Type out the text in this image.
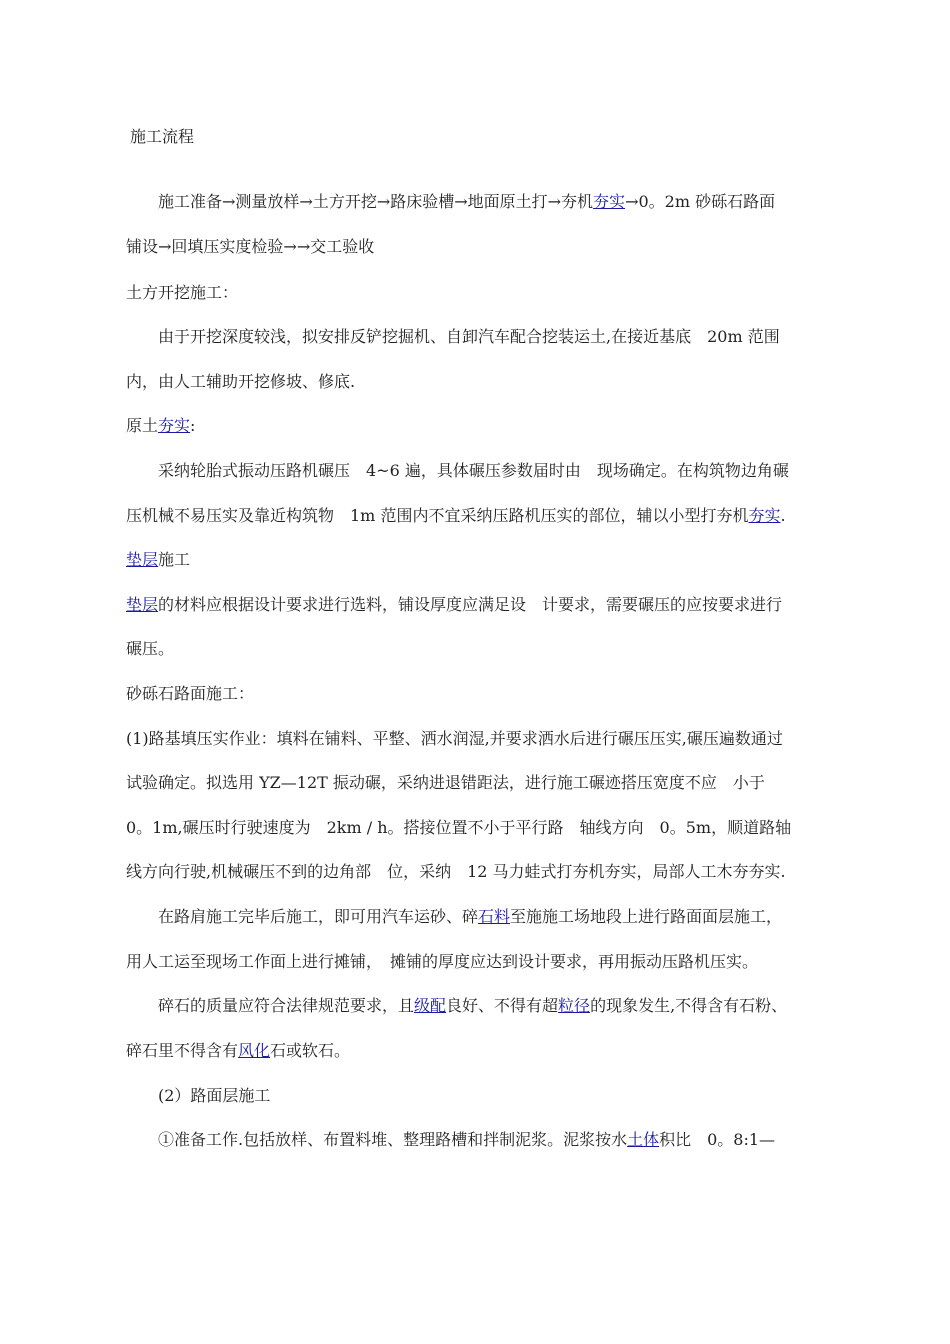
施工流程
施工准备→测量放样→土方开挖→路床验槽→地面原土打→夯机夯实→0。2m 砂砾石路面
铺设→回填压实度检验→→交工验收
土方开挖施工：
由于开挖深度较浅，拟安排反铲挖掘机、自卸汽车配合挖装运土,在接近基底　20m 范围
内，由人工辅助开挖修坡、修底.
原土夯实:
采纳轮胎式振动压路机碾压　4~6 遍，具体碾压参数届时由　现场确定。在构筑物边角碾
压机械不易压实及靠近构筑物　1m 范围内不宜采纳压路机压实的部位，辅以小型打夯机夯实.
垫层施工
垫层的材料应根据设计要求进行选料，铺设厚度应满足设　计要求，需要碾压的应按要求进行
碾压。
砂砾石路面施工：
(1)路基填压实作业：填料在铺料、平整、洒水润湿,并要求洒水后进行碾压压实,碾压遍数通过
试验确定。拟选用 YZ—12T 振动碾，采纳进退错距法，进行施工碾迹搭压宽度不应　小于
0。1m,碾压时行驶速度为　2km / h。搭接位置不小于平行路　轴线方向　0。5m，顺道路轴
线方向行驶,机械碾压不到的边角部　位，采纳　12 马力蛙式打夯机夯实，局部人工木夯夯实.
在路肩施工完毕后施工，即可用汽车运砂、碎石料至施施工场地段上进行路面面层施工，
用人工运至现场工作面上进行摊铺，　摊铺的厚度应达到设计要求，再用振动压路机压实。
碎石的质量应符合法律规范要求，且级配良好、不得有超粒径的现象发生,不得含有石粉、
碎石里不得含有风化石或软石。
(2）路面层施工
①准备工作.包括放样、布置料堆、整理路槽和拌制泥浆。泥浆按水土体积比　0。8:1—
